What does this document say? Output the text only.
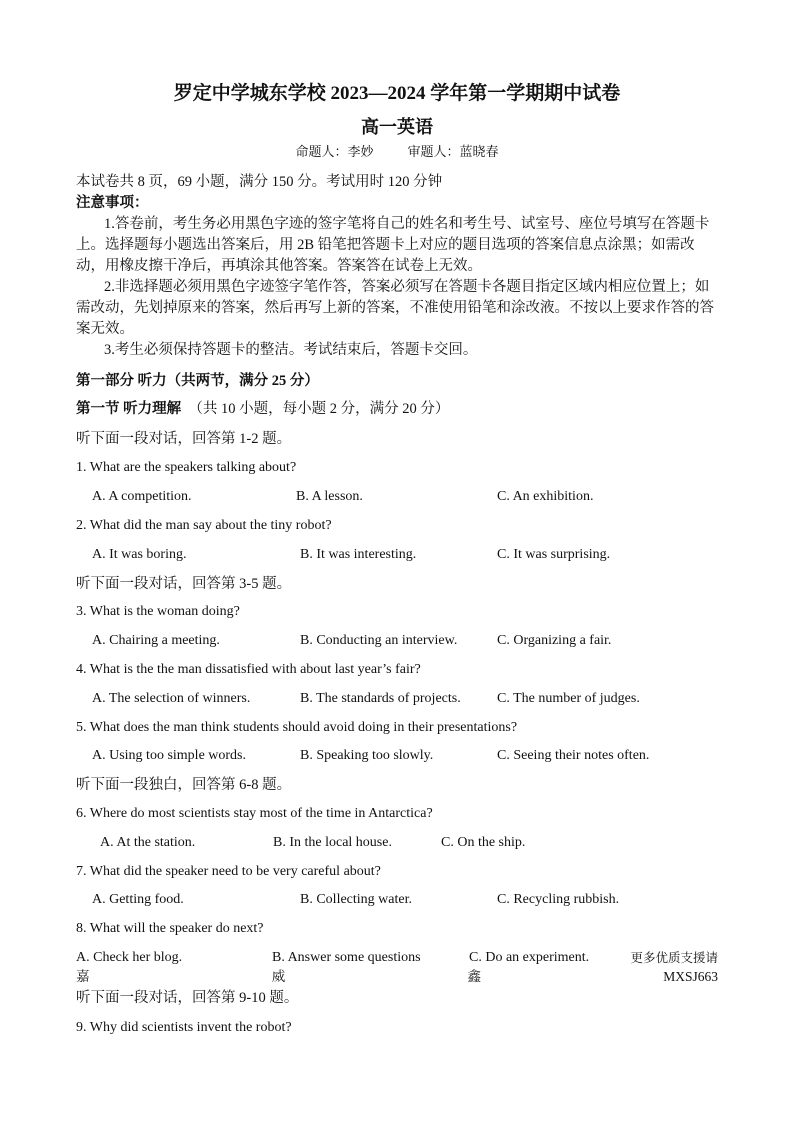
罗定中学城东学校 2023—2024 学年第一学期期中试卷
高一英语
命题人：李妙	审题人：蓝晓春
本试卷共 8 页，69 小题，满分 150 分。考试用时 120 分钟
注意事项：
1.答卷前，考生务必用黑色字迹的签字笔将自己的姓名和考生号、试室号、座位号填写在答题卡上。选择题每小题选出答案后，用 2B 铅笔把答题卡上对应的题目选项的答案信息点涂黑；如需改动，用橡皮擦干净后，再填涂其他答案。答案答在试卷上无效。
2.非选择题必须用黑色字迹签字笔作答，答案必须写在答题卡各题目指定区域内相应位置上；如需改动，先划掉原来的答案，然后再写上新的答案，不准使用铅笔和涂改液。不按以上要求作答的答案无效。
3.考生必须保持答题卡的整洁。考试结束后，答题卡交回。
第一部分 听力（共两节，满分 25 分）
第一节 听力理解 （共 10 小题，每小题 2 分，满分 20 分）
听下面一段对话，回答第 1-2 题。
1. What are the speakers talking about?
A. A competition.	B. A lesson.	C. An exhibition.
2. What did the man say about the tiny robot?
A. It was boring.	B. It was interesting.	C. It was surprising.
听下面一段对话，回答第 3-5 题。
3. What is the woman doing?
A. Chairing a meeting.	B. Conducting an interview.	C. Organizing a fair.
4. What is the the man dissatisfied with about last year’s fair?
A. The selection of winners.	B. The standards of projects.	C. The number of judges.
5. What does the man think students should avoid doing in their presentations?
A. Using too simple words.	B. Speaking too slowly.	C. Seeing their notes often.
听下面一段独白，回答第 6-8 题。
6. Where do most scientists stay most of the time in Antarctica?
A. At the station.	B. In the local house.	C. On the ship.
7. What did the speaker need to be very careful about?
A. Getting food.	B. Collecting water.	C. Recycling rubbish.
8. What will the speaker do next?
A. Check her blog.	B. Answer some questions	C. Do an experiment.	更多优质支援请
嘉	威	鑫	MXSJ663
听下面一段对话，回答第 9-10 题。
9. Why did scientists invent the robot?
